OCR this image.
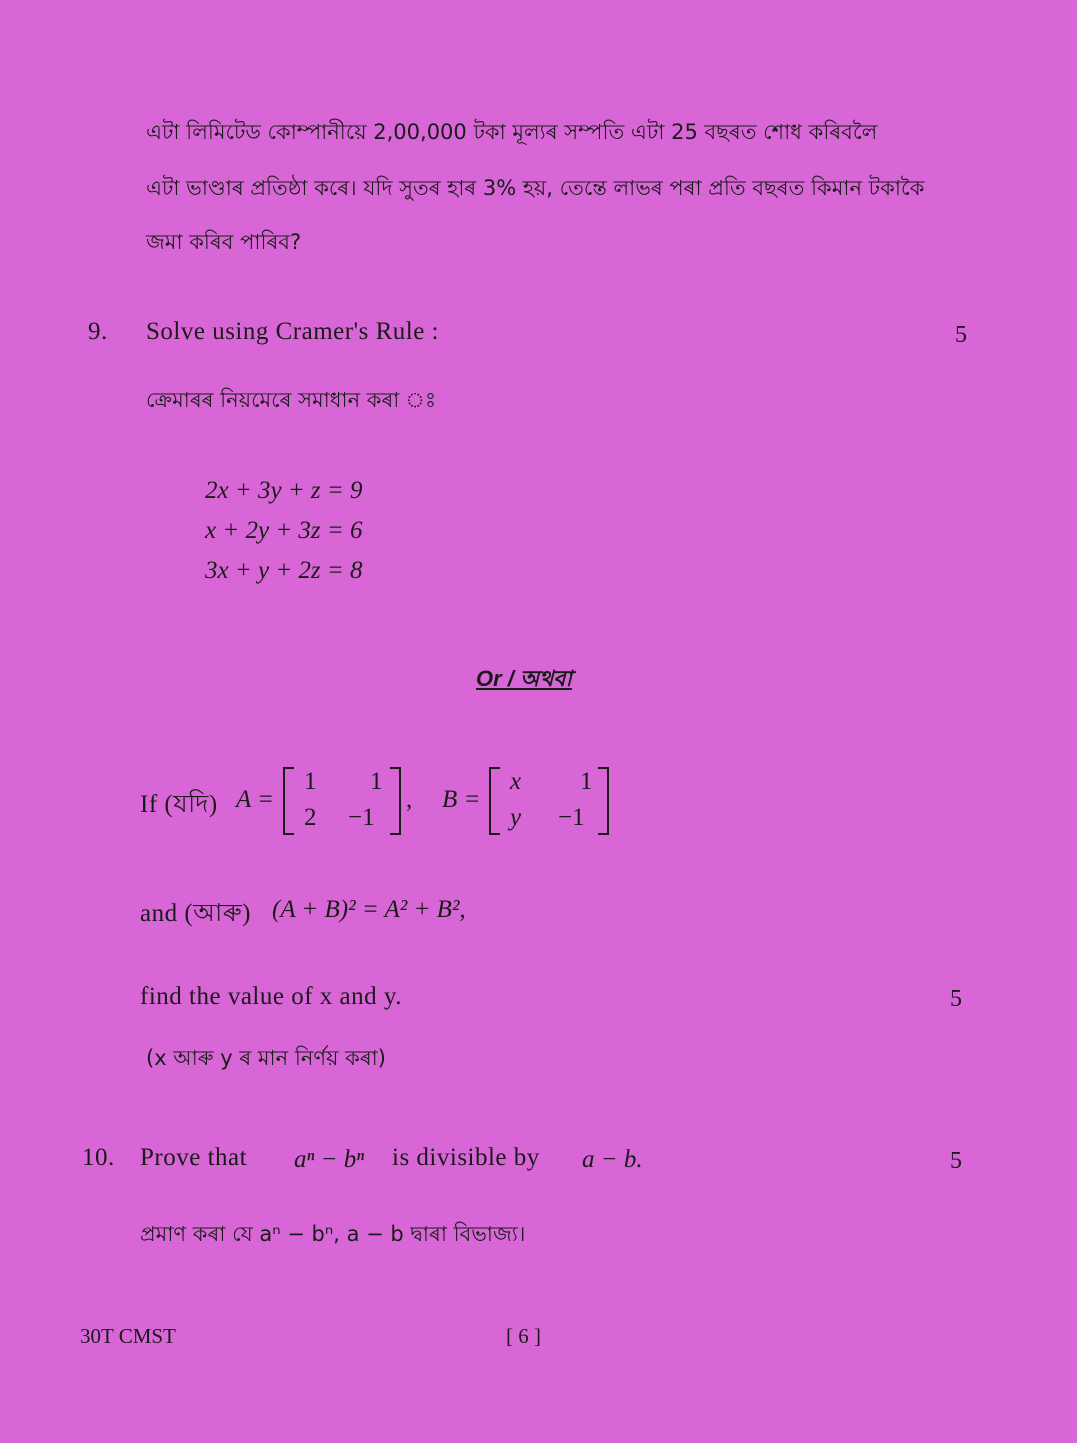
এটা লিমিটেড কোম্পানীয়ে 2,00,000 টকা মূল্যৰ সম্পতি এটা 25 বছৰত শোধ কৰিবলৈ
এটা ভাণ্ডাৰ প্ৰতিষ্ঠা কৰে। যদি সুতৰ হাৰ 3% হয়, তেন্তে লাভৰ পৰা প্ৰতি বছৰত কিমান টকাকৈ
জমা কৰিব পাৰিব?
9. Solve using Cramer's Rule :	5
ক্ৰেমাৰৰ নিয়মেৰে সমাধান কৰা ঃ
2x + 3y + z = 9
x + 2y + 3z = 6
3x + y + 2z = 8
Or / অথবা
If (যদি) A =
1 1
2 −1
, B =
x 1
y −1
and (আৰু) (A + B)² = A² + B²,
find the value of x and y.	5
(x আৰু y ৰ মান নিৰ্ণয় কৰা)
10. Prove that aⁿ − bⁿ is divisible by a − b.	5
প্ৰমাণ কৰা যে aⁿ − bⁿ, a − b দ্বাৰা বিভাজ্য।
30T CMST	[ 6 ]
